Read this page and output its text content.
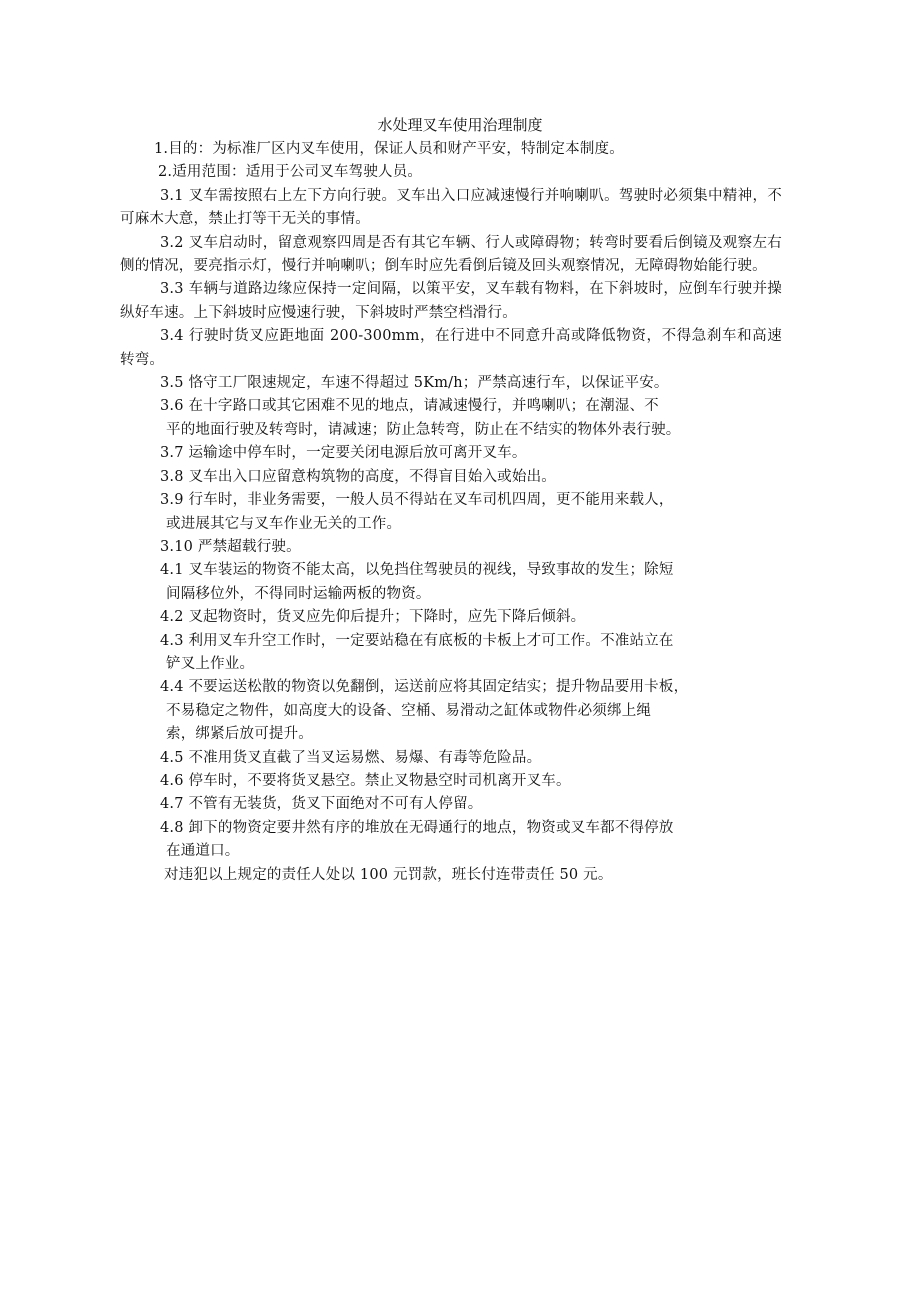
水处理叉车使用治理制度

1.目的：为标准厂区内叉车使用，保证人员和财产平安，特制定本制度。

2.适用范围：适用于公司叉车驾驶人员。

3.1 叉车需按照右上左下方向行驶。叉车出入口应减速慢行并响喇叭。驾驶时必须集中精神，不可麻木大意，禁止打等干无关的事情。

3.2 叉车启动时，留意观察四周是否有其它车辆、行人或障碍物；转弯时要看后倒镜及观察左右侧的情况，要亮指示灯，慢行并响喇叭；倒车时应先看倒后镜及回头观察情况，无障碍物始能行驶。

3.3 车辆与道路边缘应保持一定间隔，以策平安，叉车载有物料，在下斜坡时，应倒车行驶并操纵好车速。上下斜坡时应慢速行驶，下斜坡时严禁空档滑行。

3.4 行驶时货叉应距地面 200-300mm，在行进中不同意升高或降低物资，不得急刹车和高速转弯。

3.5 恪守工厂限速规定，车速不得超过 5Km/h；严禁高速行车，以保证平安。

3.6 在十字路口或其它困难不见的地点，请减速慢行，并鸣喇叭；在潮湿、不
平的地面行驶及转弯时，请减速；防止急转弯，防止在不结实的物体外表行驶。

3.7 运输途中停车时，一定要关闭电源后放可离开叉车。

3.8 叉车出入口应留意构筑物的高度，不得盲目始入或始出。

3.9 行车时，非业务需要，一般人员不得站在叉车司机四周，更不能用来载人，
或进展其它与叉车作业无关的工作。

3.10 严禁超载行驶。

4.1 叉车装运的物资不能太高，以免挡住驾驶员的视线，导致事故的发生；除短
间隔移位外，不得同时运输两板的物资。

4.2 叉起物资时，货叉应先仰后提升；下降时，应先下降后倾斜。

4.3 利用叉车升空工作时，一定要站稳在有底板的卡板上才可工作。不准站立在
铲叉上作业。

4.4 不要运送松散的物资以免翻倒，运送前应将其固定结实；提升物品要用卡板，
不易稳定之物件，如高度大的设备、空桶、易滑动之缸体或物件必须绑上绳
索，绑紧后放可提升。

4.5 不准用货叉直截了当叉运易燃、易爆、有毒等危险品。

4.6 停车时，不要将货叉悬空。禁止叉物悬空时司机离开叉车。

4.7 不管有无装货，货叉下面绝对不可有人停留。

4.8 卸下的物资定要井然有序的堆放在无碍通行的地点，物资或叉车都不得停放
在通道口。

对违犯以上规定的责任人处以 100 元罚款，班长付连带责任 50 元。
